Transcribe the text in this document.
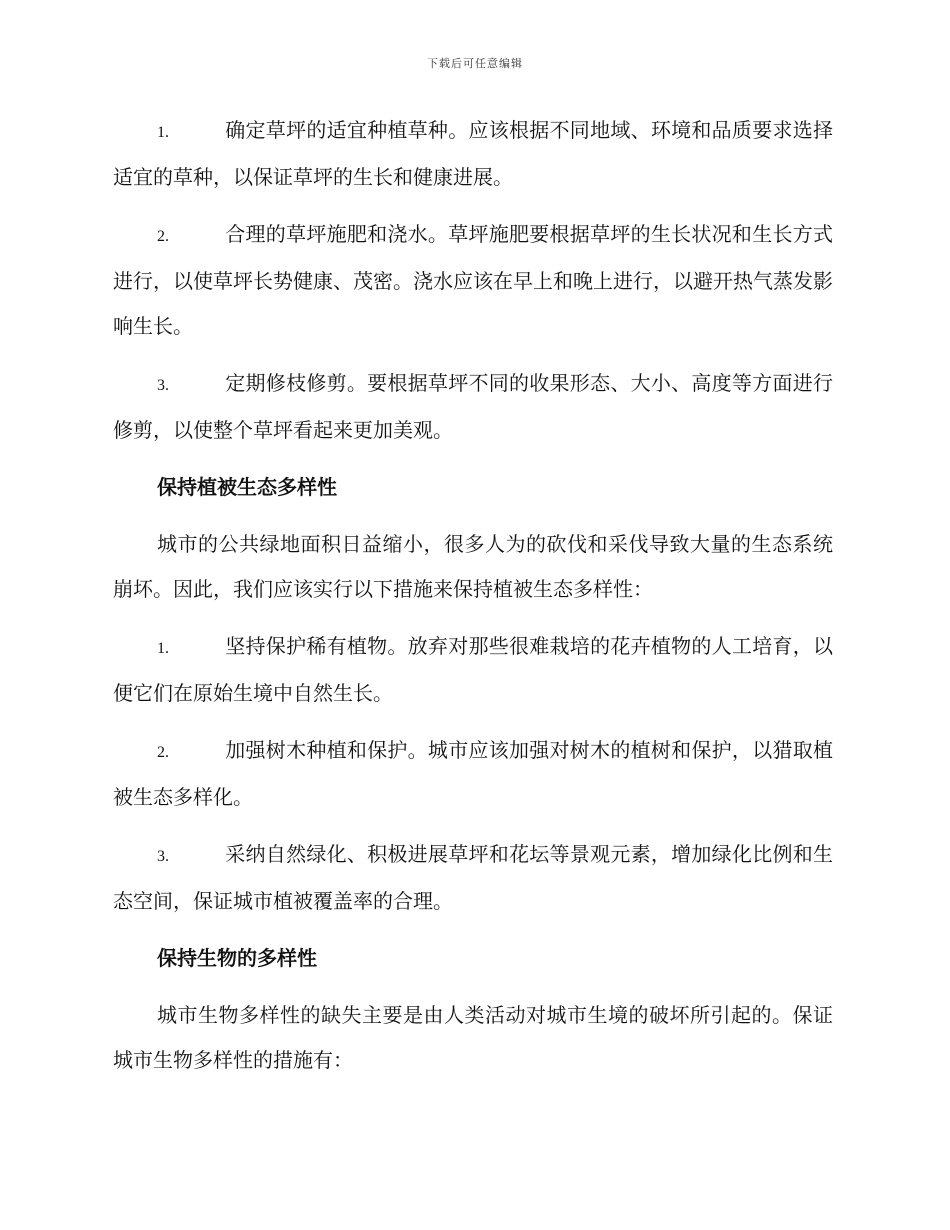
下载后可任意编辑

1.	确定草坪的适宜种植草种。应该根据不同地域、环境和品质要求选择适宜的草种，以保证草坪的生长和健康进展。

2.	合理的草坪施肥和浇水。草坪施肥要根据草坪的生长状况和生长方式进行，以使草坪长势健康、茂密。浇水应该在早上和晚上进行，以避开热气蒸发影响生长。

3.	定期修枝修剪。要根据草坪不同的收果形态、大小、高度等方面进行修剪，以使整个草坪看起来更加美观。

保持植被生态多样性

城市的公共绿地面积日益缩小，很多人为的砍伐和采伐导致大量的生态系统崩坏。因此，我们应该实行以下措施来保持植被生态多样性：

1.	坚持保护稀有植物。放弃对那些很难栽培的花卉植物的人工培育，以便它们在原始生境中自然生长。

2.	加强树木种植和保护。城市应该加强对树木的植树和保护，以猎取植被生态多样化。

3.	采纳自然绿化、积极进展草坪和花坛等景观元素，增加绿化比例和生态空间，保证城市植被覆盖率的合理。

保持生物的多样性

城市生物多样性的缺失主要是由人类活动对城市生境的破坏所引起的。保证城市生物多样性的措施有：
